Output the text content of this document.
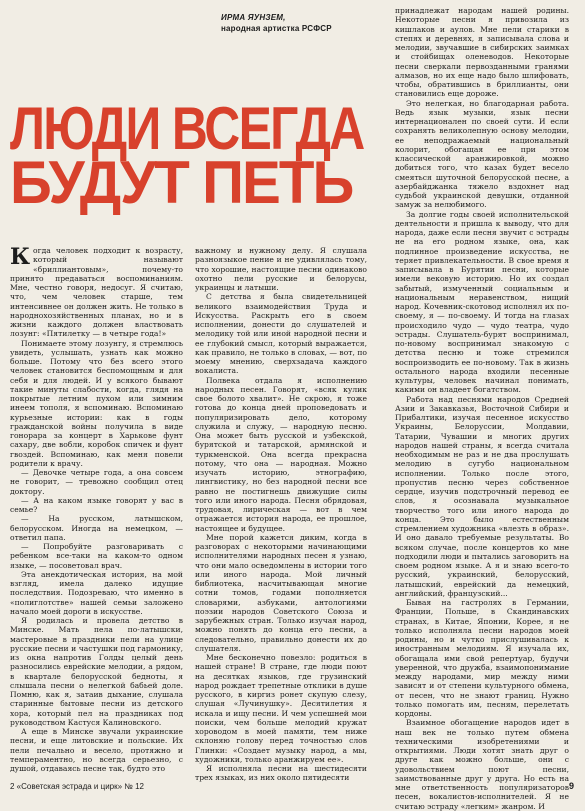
ИРМА ЯУНЗЕМ,
народная артистка РСФСР
ЛЮДИ ВСЕГДА
БУДУТ ПЕТЬ

Когда человек подходит к возрасту, который называют «бриллиантовым», почему-то принято предаваться воспоминаниям. Мне, честно говоря, недосуг. Я считаю, что, чем человек старше, тем интенсивнее он должен жить. Не только в народнохозяйственных планах, но и в жизни каждого должен властвовать лозунг: «Пятилетку — в четыре года!»

Понимаете этому лозунгу, я стремлюсь увидеть, услышать, узнать как можно больше. Потому что без всего этого человек становится беспомощным и для себя и для людей. И у всякого бывают такие минуты слабости, когда, глядя на покрытые летним пухом или зимним инеем тополя, я вспоминаю. Вспоминаю курьезные истории: как в годы гражданской войны получила в виде гонорара за концерт в Харькове фунт сахару, две вобли, коробок спичек и фунт гвоздей. Вспоминаю, как меня повели родители к врачу.

— Девочке четыре года, а она совсем не говорит, — тревожно сообщил отец доктору.

— А на каком языке говорят у вас в семье?

— На русском, латышском, белорусском. Иногда на немецком, — ответил папа.

— Попробуйте разговаривать с ребенком все-таки на каком-то одном языке, — посоветовал врач.

Эта анекдотическая история, на мой взгляд, имела далеко идущие последствия. Подозреваю, что именно в «полиглотстве» нашей семьи заложено начало моей дороги в искусстве.

Я родилась и провела детство в Минске. Мать пела по-латышски, мастеровые в праздники пели на улице русские песни и частушки под гармонику, из окна напротив Голды целый день разносились еврейские мелодии, а рядом, в квартале белорусской бедноты, я слышала песни о нелегкой бабьей доле. Помню, как я, затаив дыхание, слушала старинные бытовые песни из детского хора, который пел на праздниках под руководством Кастуся Калиновского.

А еще в Минске звучали украинские песни, и еще литовские и польские. Их пели печально и весело, протяжно и темпераментно, но всегда серьезно, с душой, отдаваясь песне так, будто это

важному и нужному делу. Я слушала разноязыкое пение и не удивлялась тому, что хорошие, настоящие песни одинаково охотно пели русские и белорусы, украинцы и латыши.

С детства я была свидетельницей великого взаимодействия Труда и Искусства. Раскрыть его в своем исполнении, донести до слушателей и мелодику той или иной народной песни и ее глубокий смысл, который выражается, как правило, не только в словах, — вот, по моему мнению, сверхзадача каждого вокалиста.

Полвека отдала я исполнению народных песен. Говорят, «всяк кулик свое болото хвалит». Не скрою, я тоже готова до конца дней проповедовать и популяризировать дело, которому служила и служу, — народную песню. Она может быть русской и узбекской, бурятской и татарской, армянской и туркменской. Она всегда прекрасна потому, что она — народная. Можно изучать историю, этнографию, лингвистику, но без народной песни все равно не постигнешь движущие силы того или иного народа. Песня обрядовая, трудовая, лирическая — вот в чем отражается история народа, ее прошлое, настоящее и будущее.

Мне порой кажется диким, когда в разговорах с некоторыми начинающими исполнителями народных песен я узнаю, что они мало осведомлены в истории того или иного народа. Мой личный библиотека, насчитывающая многие сотни томов, годами пополняется словарями, азбуками, антологиями поэзии народов Советского Союза и зарубежных стран. Только изучая народ, можно понять до конца его песни, а следовательно, правильно донести их до слушателя.

Мне бесконечно повезло: родиться в нашей стране! В стране, где люди поют на десятках языков, где грузинский народ рождает трепетные отклики в душе русского, в киргиз ронет скупую слезу, слушая «Лучинушку». Десятилетия я искала и ищу песни. И чем успешней мои поиски, чем больше мелодий кружат хороводом в моей памяти, тем ниже склоняю голову перед точностью слов Глинки: «Создает музыку народ, а мы, художники, только аранжируем ее».

Я исполняла песни на шестидесяти трех языках, из них около пятидесяти

принадлежат народам нашей родины. Некоторые песни я привозила из кишлаков и аулов. Мне пели старики в степях и деревнях, я записывала слова и мелодии, звучавшие в сибирских заимках и стойбищах оленеводов. Некоторые песни сверкали первозданными гранями алмазов, но их еще надо было шлифовать, чтобы, обратившись в бриллианты, они становились еще дороже.

Это нелегкая, но благодарная работа. Ведь язык музыки, язык песни интернационален по своей сути. И если сохранять великолепную основу мелодии, ее неподражаемый национальный колорит, обогащая ее при этом классической аранжировкой, можно добиться того, что казах будет весело смеяться шуточной белорусской песне, а азербайджанка тяжело вздохнет над судьбой украинской девушки, отданной замуж за нелюбимого.

За долгие годы своей исполнительской деятельности я пришла к выводу, что для народа, даже если песня звучит с эстрады не на его родном языке, она, как подлинное произведение искусства, не теряет привлекательности. В свое время я записывала в Бурятии песни, которые имели вековую историю. Но их создал забытый, измученный социальным и национальным неравенством, нищий народ. Кочевник-скотовод исполнял их по-своему, я — по-своему. И тогда на глазах происходило чудо — чудо театра, чудо эстрады. Слушатель-бурят воспринимал, по-новому воспринимал знакомую с детства песню и тоже стремился воспроизводить ее по-новому. Так в жизнь остального народа входили песенные культуры, человек начинал понимать, какими он владеет богатством.

Работа над песнями народов Средней Азии и Закавказья, Восточной Сибири и Прибалтики, изучая песенное искусство Украины, Белоруссии, Молдавии, Татарии, Чувашии и многих других народов нашей страны, я всегда считала необходимым не раз и не два прослушать мелодию в сугубо национальном исполнении. Только после этого, пропустив песню через собственное сердце, изучив подстрочный перевод ее слов, я осознавала музыкальное творчество того или иного народа до конца. Это было естественным стремлением художника «влезть в образ». И оно давало требуемые результаты. Во всяком случае, после концертов ко мне подходили люди и пытались заговорить на своем родном языке. А я и знаю всего-то русский, украинский, белорусский, латышский, еврейский да немецкий, английский, французский...

Бывая на гастролях в Германии, Франции, Польше, в Скандинавских странах, в Китае, Японии, Корее, я не только исполняла песни народов моей родины, но и чутко прислушивалась к иностранным мелодиям. Я изучала их, обогащала ими свой репертуар, будучи уверенной, что дружба, взаимопонимание между народами, мир между ними зависят и от степени культурного обмена, от песен, что не знают границ. Нужно только помогать им, песням, перелетать кордоны.

Взаимное обогащение народов идет в наш век не только путем обмена техническими изобретениями и открытиями. Люди хотят знать друг о друге как можно больше, они с удовольствием поют песни, заимствованные друг у друга. Но есть на мне ответственность популяризаторов песен, вокалистов-исполнителей. Я не считаю эстраду «легким» жанром. И

2 «Советская эстрада и цирк» № 12	9
